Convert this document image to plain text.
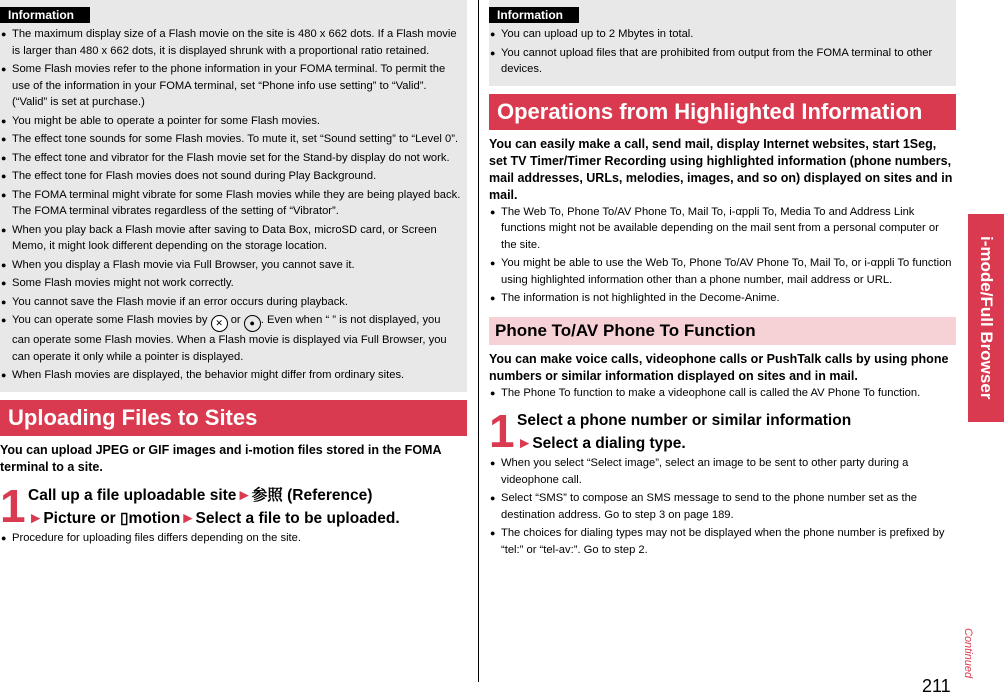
Information
● The maximum display size of a Flash movie on the site is 480 x 662 dots. If a Flash movie is larger than 480 x 662 dots, it is displayed shrunk with a proportional ratio retained.
● Some Flash movies refer to the phone information in your FOMA terminal. To permit the use of the information in your FOMA terminal, set “Phone info use setting” to “Valid”. (“Valid” is set at purchase.)
● You might be able to operate a pointer for some Flash movies.
● The effect tone sounds for some Flash movies. To mute it, set “Sound setting” to “Level 0”.
● The effect tone and vibrator for the Flash movie set for the Stand-by display do not work.
● The effect tone for Flash movies does not sound during Play Background.
● The FOMA terminal might vibrate for some Flash movies while they are being played back. The FOMA terminal vibrates regardless of the setting of “Vibrator”.
● When you play back a Flash movie after saving to Data Box, microSD card, or Screen Memo, it might look different depending on the storage location.
● When you display a Flash movie via Full Browser, you cannot save it.
● Some Flash movies might not work correctly.
● You cannot save the Flash movie if an error occurs during playback.
● You can operate some Flash movies by ✕ or ● . Even when “ ” is not displayed, you can operate some Flash movies. When a Flash movie is displayed via Full Browser, you can operate it only while a pointer is displayed.
● When Flash movies are displayed, the behavior might differ from ordinary sites.
Uploading Files to Sites
You can upload JPEG or GIF images and i-motion files stored in the FOMA terminal to a site.
1 Call up a file uploadable site►参照 (Reference)
►Picture or ▯motion►Select a file to be uploaded.
● Procedure for uploading files differs depending on the site.
Information
● You can upload up to 2 Mbytes in total.
● You cannot upload files that are prohibited from output from the FOMA terminal to other devices.
Operations from Highlighted Information
You can easily make a call, send mail, display Internet websites, start 1Seg, set TV Timer/Timer Recording using highlighted information (phone numbers, mail addresses, URLs, melodies, images, and so on) displayed on sites and in mail.
● The Web To, Phone To/AV Phone To, Mail To, i-αppli To, Media To and Address Link functions might not be available depending on the mail sent from a personal computer or the site.
● You might be able to use the Web To, Phone To/AV Phone To, Mail To, or i-αppli To function using highlighted information other than a phone number, mail address or URL.
● The information is not highlighted in the Decome-Anime.
Phone To/AV Phone To Function
You can make voice calls, videophone calls or PushTalk calls by using phone numbers or similar information displayed on sites and in mail.
● The Phone To function to make a videophone call is called the AV Phone To function.
1 Select a phone number or similar information
►Select a dialing type.
● When you select “Select image”, select an image to be sent to other party during a videophone call.
● Select “SMS” to compose an SMS message to send to the phone number set as the destination address. Go to step 3 on page 189.
● The choices for dialing types may not be displayed when the phone number is prefixed by “tel:” or “tel-av:”. Go to step 2.
i-mode/Full Browser
Continued
211
